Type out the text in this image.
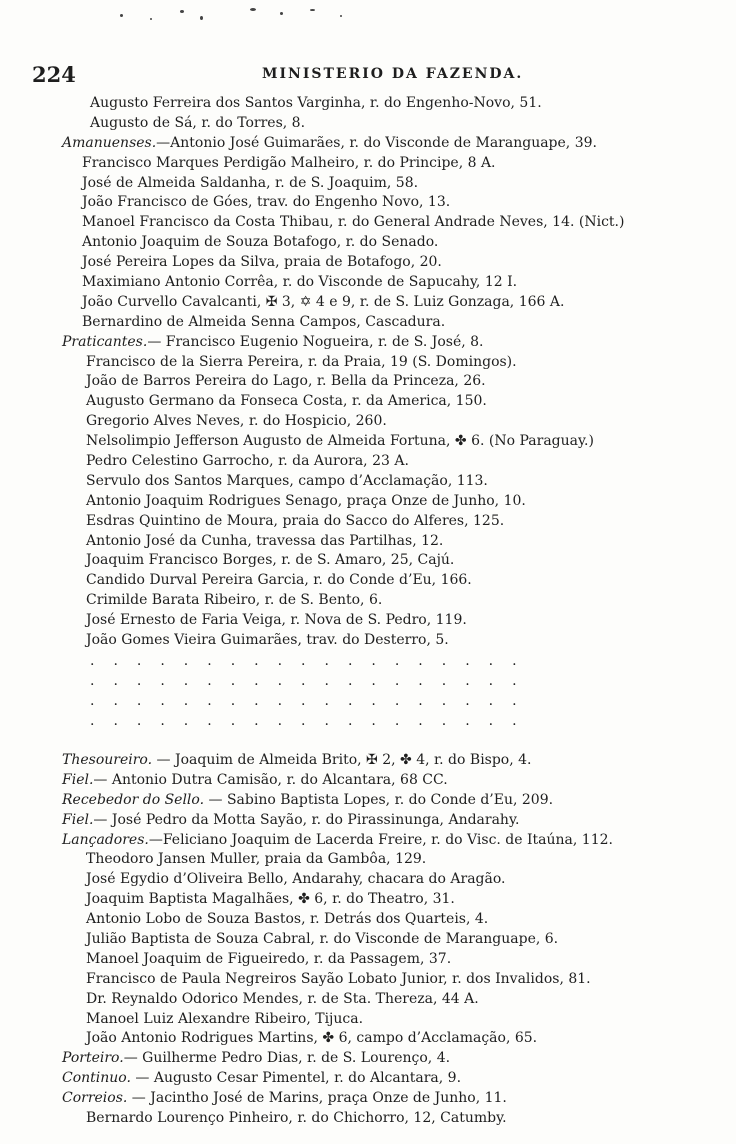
224	MINISTERIO DA FAZENDA.
Augusto Ferreira dos Santos Varginha, r. do Engenho-Novo, 51.
Augusto de Sá, r. do Torres, 8.
Amanuenses.—Antonio José Guimarães, r. do Visconde de Maranguape, 39.
Francisco Marques Perdigão Malheiro, r. do Principe, 8 A.
José de Almeida Saldanha, r. de S. Joaquim, 58.
João Francisco de Góes, trav. do Engenho Novo, 13.
Manoel Francisco da Costa Thibau, r. do General Andrade Neves, 14. (Nict.)
Antonio Joaquim de Souza Botafogo, r. do Senado.
José Pereira Lopes da Silva, praia de Botafogo, 20.
Maximiano Antonio Corrêa, r. do Visconde de Sapucahy, 12 I.
João Curvello Cavalcanti, ✠ 3, ✡ 4 e 9, r. de S. Luiz Gonzaga, 166 A.
Bernardino de Almeida Senna Campos, Cascadura.
Praticantes.— Francisco Eugenio Nogueira, r. de S. José, 8.
Francisco de la Sierra Pereira, r. da Praia, 19 (S. Domingos).
João de Barros Pereira do Lago, r. Bella da Princeza, 26.
Augusto Germano da Fonseca Costa, r. da America, 150.
Gregorio Alves Neves, r. do Hospicio, 260.
Nelsolimpio Jefferson Augusto de Almeida Fortuna, ✤ 6. (No Paraguay.)
Pedro Celestino Garrocho, r. da Aurora, 23 A.
Servulo dos Santos Marques, campo d’Acclamação, 113.
Antonio Joaquim Rodrigues Senago, praça Onze de Junho, 10.
Esdras Quintino de Moura, praia do Sacco do Alferes, 125.
Antonio José da Cunha, travessa das Partilhas, 12.
Joaquim Francisco Borges, r. de S. Amaro, 25, Cajú.
Candido Durval Pereira Garcia, r. do Conde d’Eu, 166.
Crimilde Barata Ribeiro, r. de S. Bento, 6.
José Ernesto de Faria Veiga, r. Nova de S. Pedro, 119.
João Gomes Vieira Guimarães, trav. do Desterro, 5.
...................
...................
...................
...................
Thesoureiro. — Joaquim de Almeida Brito, ✠ 2, ✤ 4, r. do Bispo, 4.
Fiel.— Antonio Dutra Camisão, r. do Alcantara, 68 CC.
Recebedor do Sello. — Sabino Baptista Lopes, r. do Conde d’Eu, 209.
Fiel.— José Pedro da Motta Sayão, r. do Pirassinunga, Andarahy.
Lançadores.—Feliciano Joaquim de Lacerda Freire, r. do Visc. de Itaúna, 112.
Theodoro Jansen Muller, praia da Gambôa, 129.
José Egydio d’Oliveira Bello, Andarahy, chacara do Aragão.
Joaquim Baptista Magalhães, ✤ 6, r. do Theatro, 31.
Antonio Lobo de Souza Bastos, r. Detrás dos Quarteis, 4.
Julião Baptista de Souza Cabral, r. do Visconde de Maranguape, 6.
Manoel Joaquim de Figueiredo, r. da Passagem, 37.
Francisco de Paula Negreiros Sayão Lobato Junior, r. dos Invalidos, 81.
Dr. Reynaldo Odorico Mendes, r. de Sta. Thereza, 44 A.
Manoel Luiz Alexandre Ribeiro, Tijuca.
João Antonio Rodrigues Martins, ✤ 6, campo d’Acclamação, 65.
Porteiro.— Guilherme Pedro Dias, r. de S. Lourenço, 4.
Continuo. — Augusto Cesar Pimentel, r. do Alcantara, 9.
Correios. — Jacintho José de Marins, praça Onze de Junho, 11.
Bernardo Lourenço Pinheiro, r. do Chichorro, 12, Catumby.
